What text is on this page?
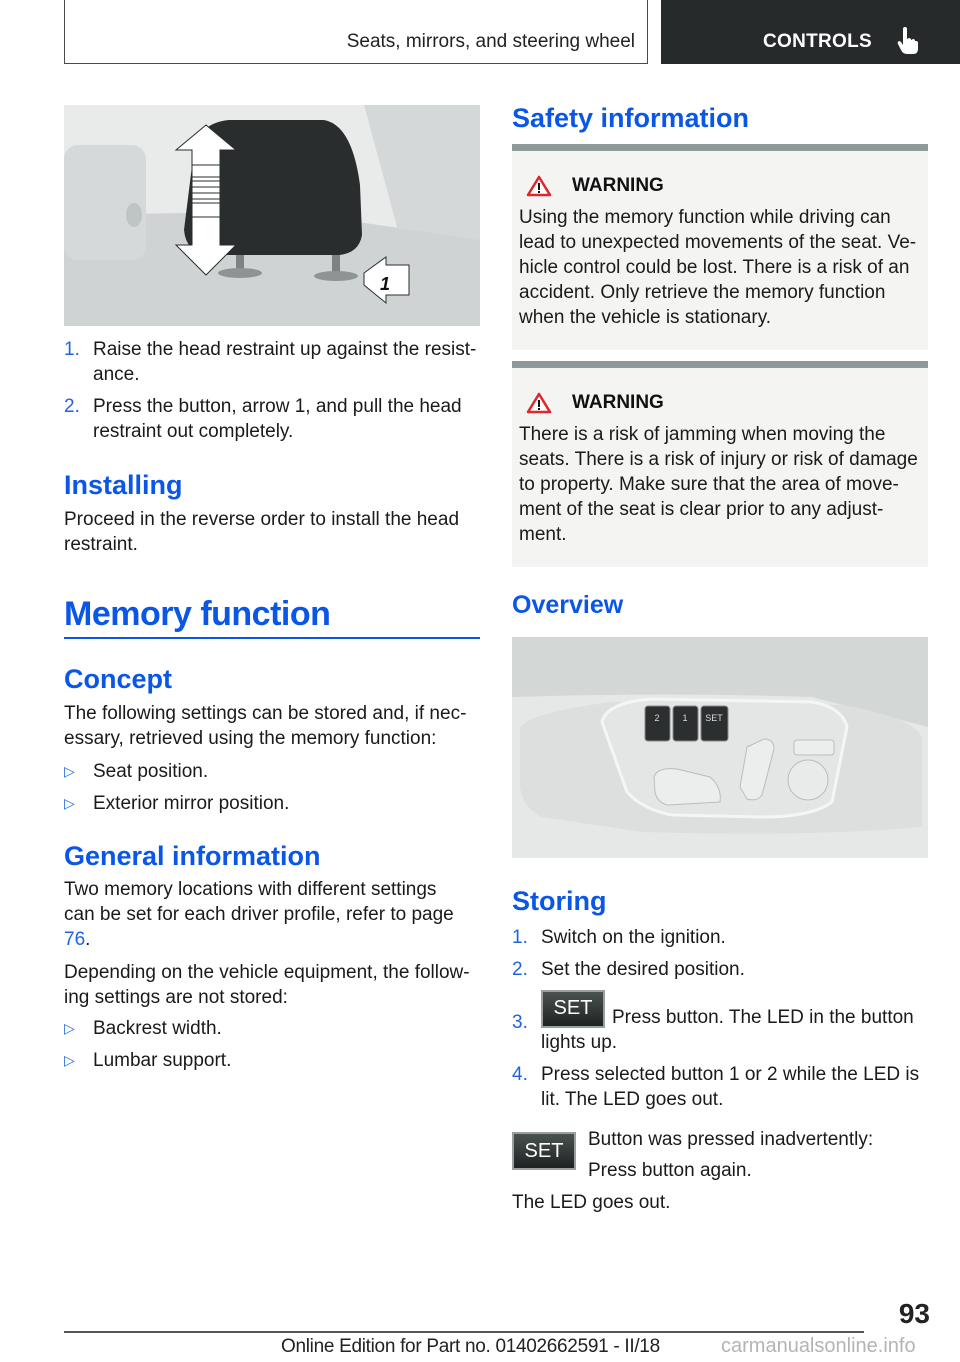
Seats, mirrors, and steering wheel	CONTROLS
1
1. Raise the head restraint up against the resist-ance.
2. Press the button, arrow 1, and pull the head restraint out completely.
Installing

Proceed in the reverse order to install the head restraint.

Memory function
Concept

The following settings can be stored and, if nec-essary, retrieved using the memory function:

▷ Seat position.
▷ Exterior mirror position.
General information

Two memory locations with different settings can be set for each driver profile, refer to page 76.

Depending on the vehicle equipment, the follow-ing settings are not stored:

▷ Backrest width.
▷ Lumbar support.
Safety information
WARNING

Using the memory function while driving can lead to unexpected movements of the seat. Ve-hicle control could be lost. There is a risk of an accident. Only retrieve the memory function when the vehicle is stationary.

WARNING

There is a risk of jamming when moving the seats. There is a risk of injury or risk of damage to property. Make sure that the area of move-ment of the seat is clear prior to any adjust-ment.

Overview
2	1 SET
Storing
1. Switch on the ignition.
2. Set the desired position.
3.
SET Press button. The LED in the button lights up.
4. Press selected button 1 or 2 while the LED is lit. The LED goes out.
SET

Button was pressed inadvertently:

Press button again.

The LED goes out.

93
Online Edition for Part no. 01402662591 - II/18	carmanualsonline.info
